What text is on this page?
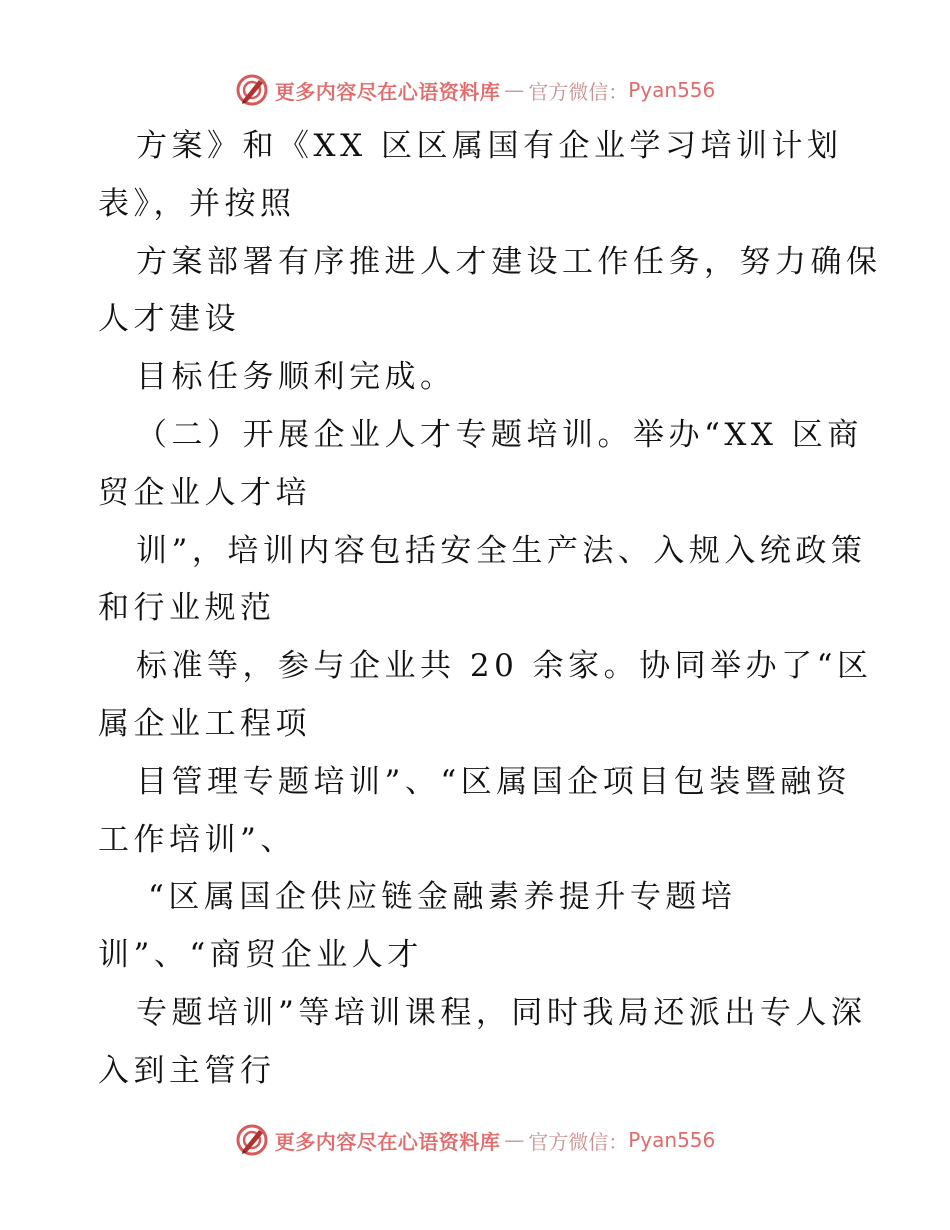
更多内容尽在心语资料库 — 官方微信： Pyan556

方案》和《XX 区区属国有企业学习培训计划

表》，并按照

方案部署有序推进人才建设工作任务，努力确保

人才建设

目标任务顺利完成。

（二）开展企业人才专题培训。举办“XX 区商

贸企业人才培

训”，培训内容包括安全生产法、入规入统政策

和行业规范

标准等，参与企业共 20 余家。协同举办了“区

属企业工程项

目管理专题培训”、“区属国企项目包装暨融资

工作培训”、

“区属国企供应链金融素养提升专题培

训”、“商贸企业人才

专题培训”等培训课程，同时我局还派出专人深

入到主管行

更多内容尽在心语资料库 — 官方微信： Pyan556
